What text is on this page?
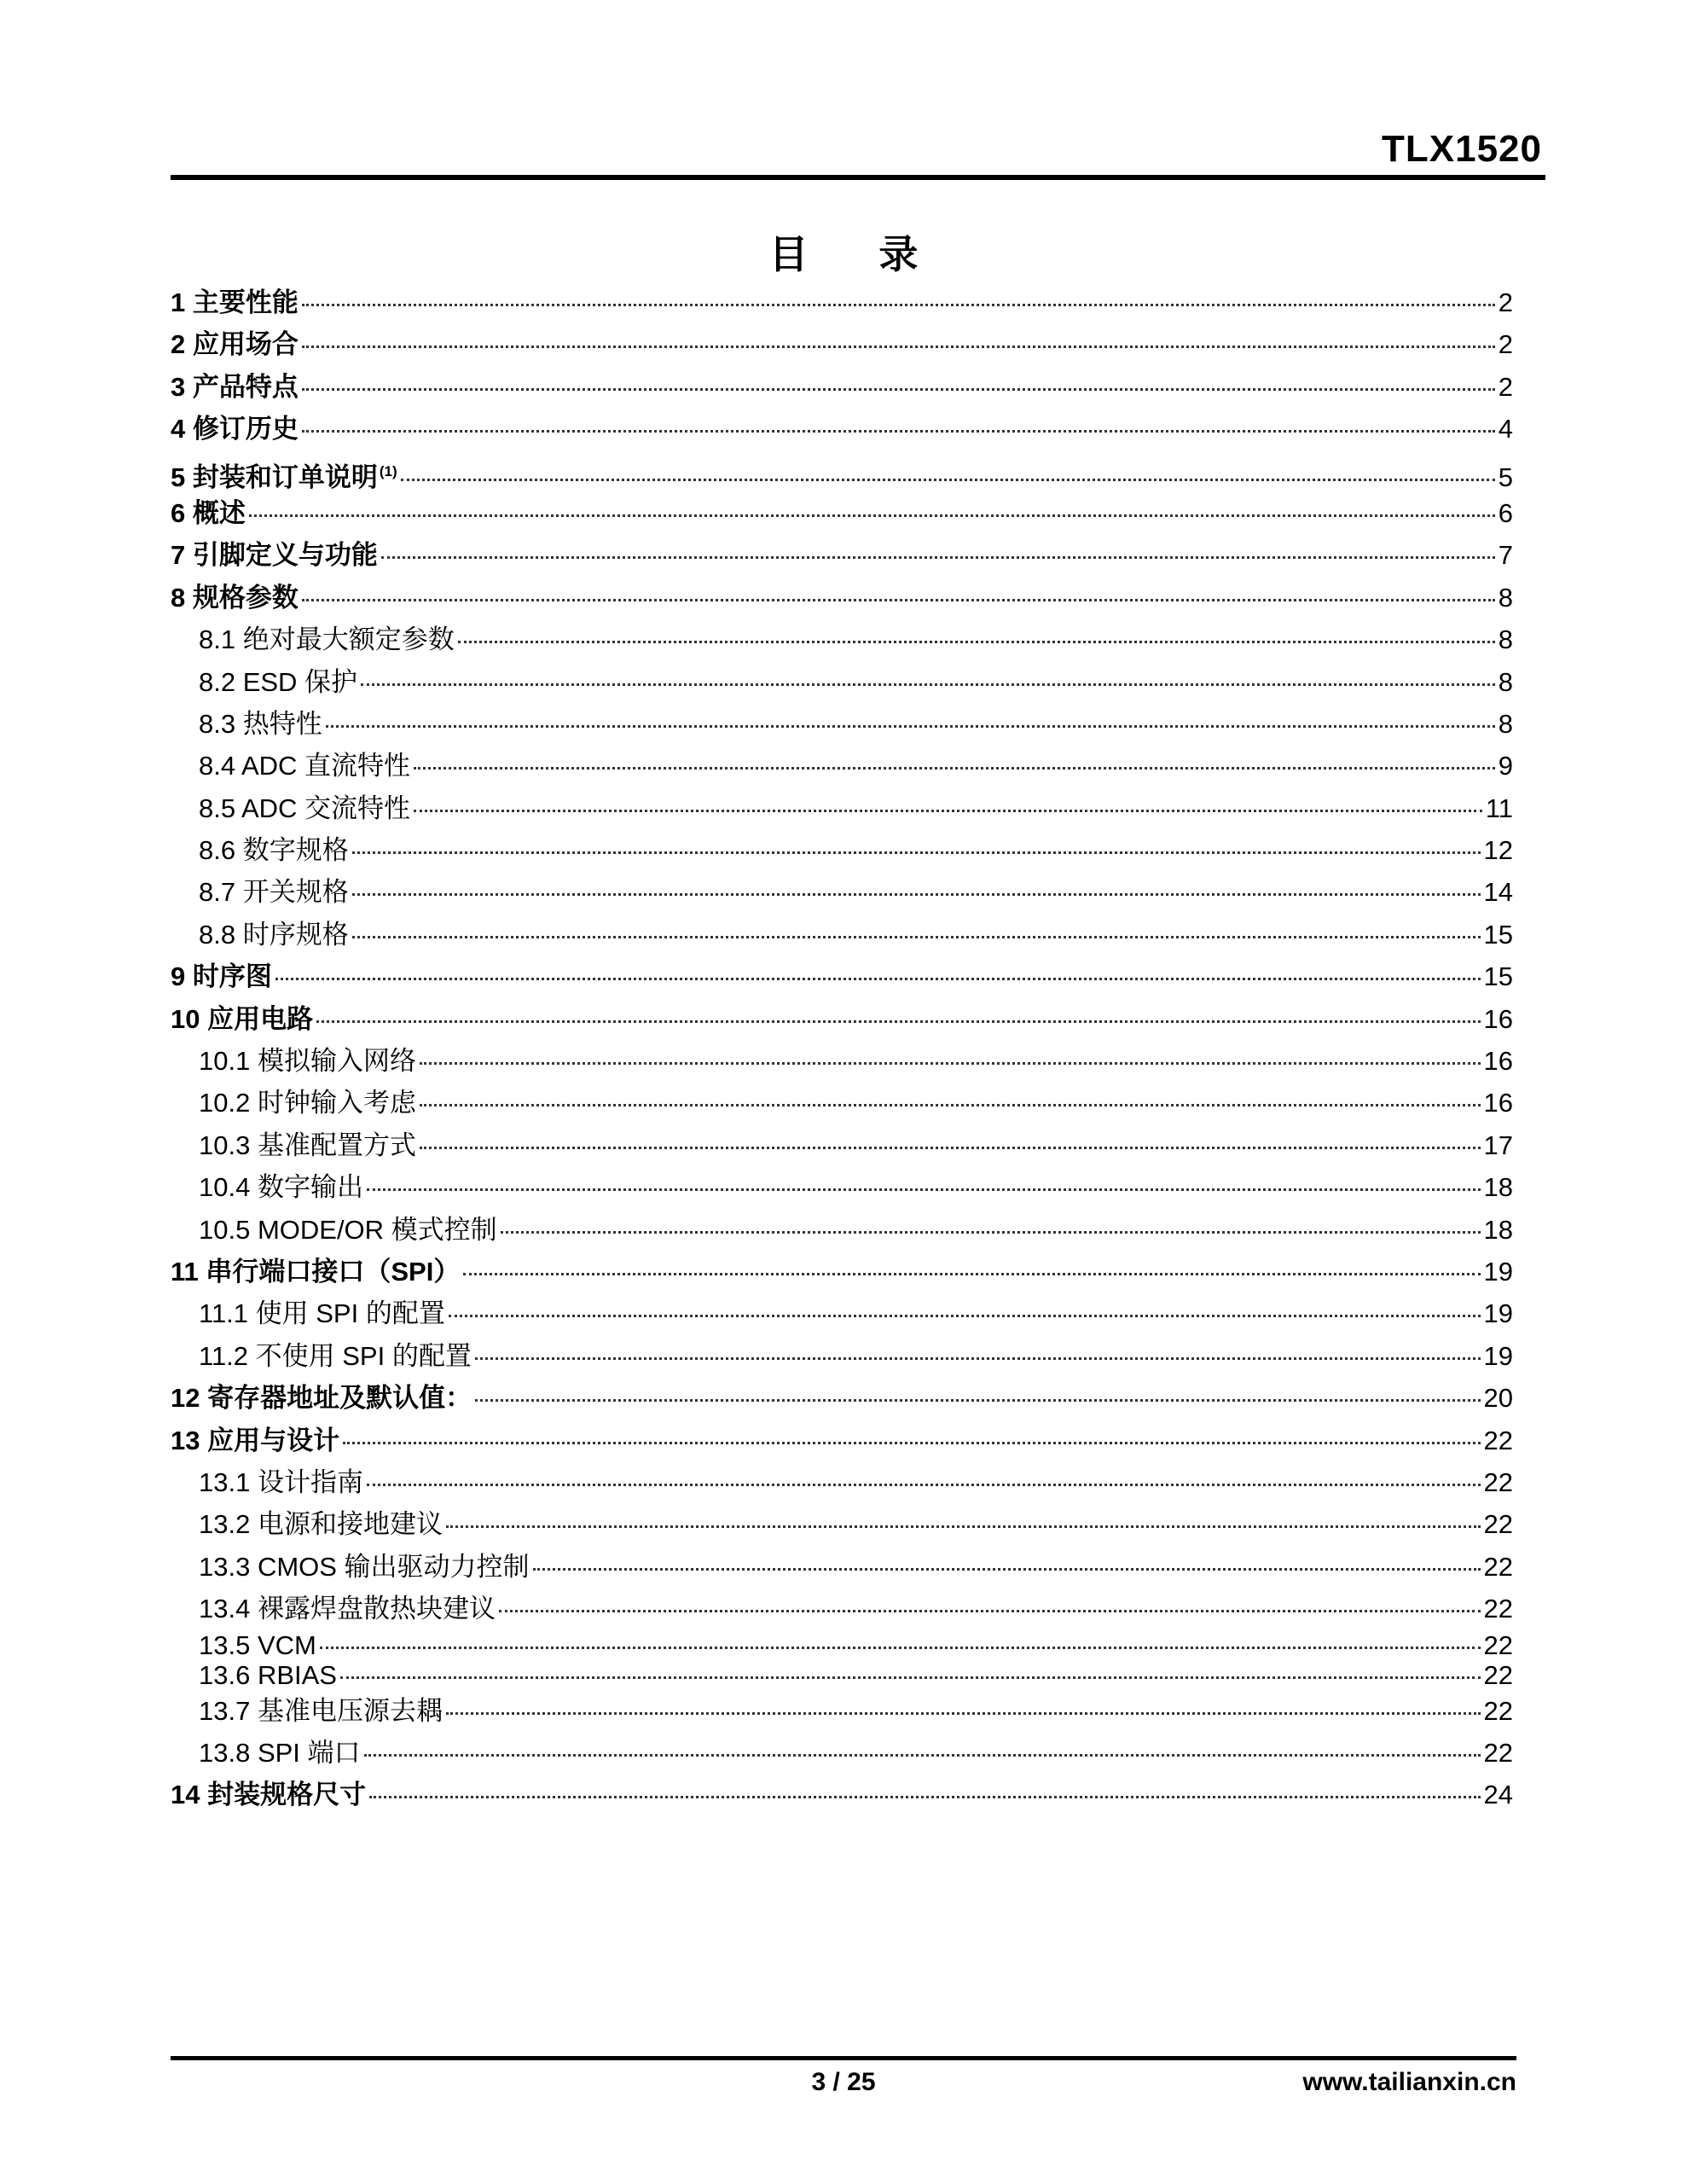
TLX1520
目 录
1 主要性能	2
2 应用场合	2
3 产品特点	2
4 修订历史	4
5 封装和订单说明 $^{(1)}$	5
6 概述	6
7 引脚定义与功能	7
8 规格参数	8
8.1 绝对最大额定参数	8
8.2 ESD 保护	8
8.3 热特性	8
8.4 ADC 直流特性	9
8.5 ADC 交流特性	11
8.6 数字规格	12
8.7 开关规格	14
8.8 时序规格	15
9 时序图	15
10 应用电路	16
10.1 模拟输入网络	16
10.2 时钟输入考虑	16
10.3 基准配置方式	17
10.4 数字输出	18
10.5 MODE/OR 模式控制	18
11 串行端口接口（SPI）	19
11.1 使用 SPI 的配置	19
11.2 不使用 SPI 的配置	19
12 寄存器地址及默认值：	20
13 应用与设计	22
13.1 设计指南	22
13.2 电源和接地建议	22
13.3 CMOS 输出驱动力控制	22
13.4 裸露焊盘散热块建议	22
13.5 VCM	22
13.6 RBIAS	22
13.7 基准电压源去耦	22
13.8 SPI 端口	22
14 封装规格尺寸	24
3 / 25	www.tailianxin.cn
